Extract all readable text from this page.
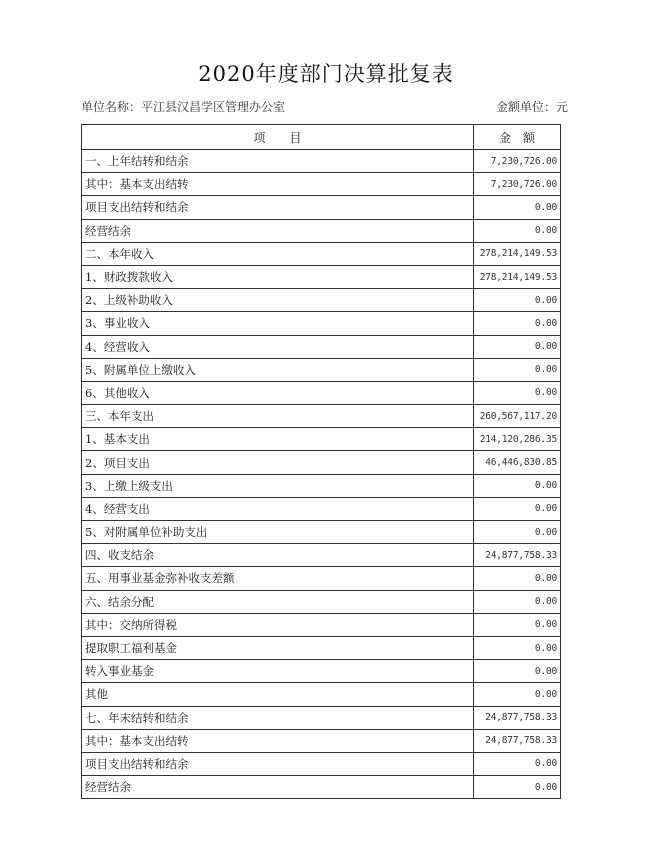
2020年度部门决算批复表
单位名称：平江县汉昌学区管理办公室	金额单位：元
项　　目	金　额
一、上年结转和结余	7,230,726.00
其中：基本支出结转	7,230,726.00
项目支出结转和结余	0.00
经营结余	0.00
二、本年收入	278,214,149.53
1、财政拨款收入	278,214,149.53
2、上级补助收入	0.00
3、事业收入	0.00
4、经营收入	0.00
5、附属单位上缴收入	0.00
6、其他收入	0.00
三、本年支出	260,567,117.20
1、基本支出	214,120,286.35
2、项目支出	46,446,830.85
3、上缴上级支出	0.00
4、经营支出	0.00
5、对附属单位补助支出	0.00
四、收支结余	24,877,758.33
五、用事业基金弥补收支差额	0.00
六、结余分配	0.00
其中：交纳所得税	0.00
提取职工福利基金	0.00
转入事业基金	0.00
其他	0.00
七、年末结转和结余	24,877,758.33
其中：基本支出结转	24,877,758.33
项目支出结转和结余	0.00
经营结余	0.00
